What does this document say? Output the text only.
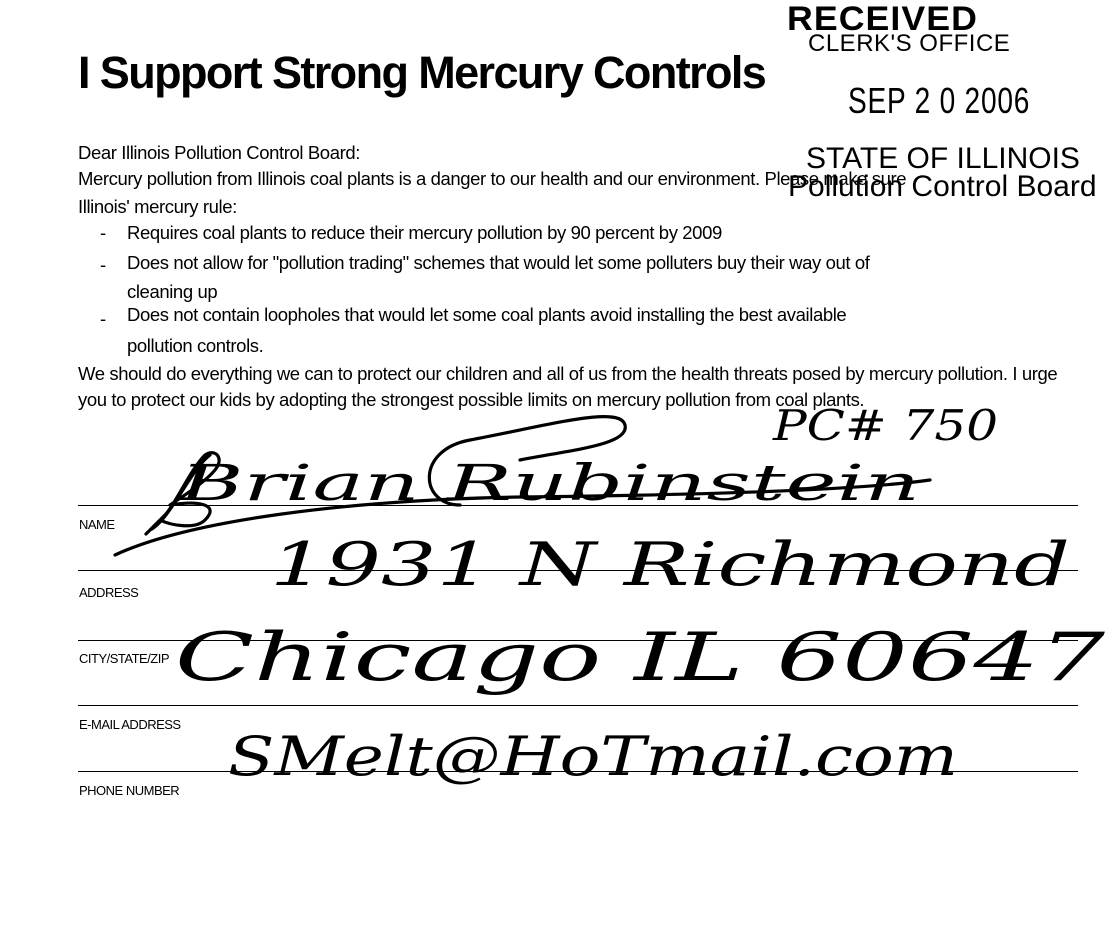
I Support Strong Mercury Controls
Dear Illinois Pollution Control Board:
Mercury pollution from Illinois coal plants is a danger to our health and our environment. Please make sure
Illinois' mercury rule:
- Requires coal plants to reduce their mercury pollution by 90 percent by 2009
- Does not allow for "pollution trading" schemes that would let some polluters buy their way out of
cleaning up
- Does not contain loopholes that would let some coal plants avoid installing the best available
pollution controls.
We should do everything we can to protect our children and all of us from the health threats posed by mercury pollution. I urge you to protect our kids by adopting the strongest possible limits on mercury pollution from coal plants.
NAME
ADDRESS
CITY/STATE/ZIP
E-MAIL ADDRESS
PHONE NUMBER
RECEIVED
CLERK'S OFFICE
SEP 2 0 2006
STATE OF ILLINOIS
Pollution Control Board
Brian Rubinstein
1931 N Richmond
Chicago IL 60647
SMelt@HoTmail.com
PC# 750
